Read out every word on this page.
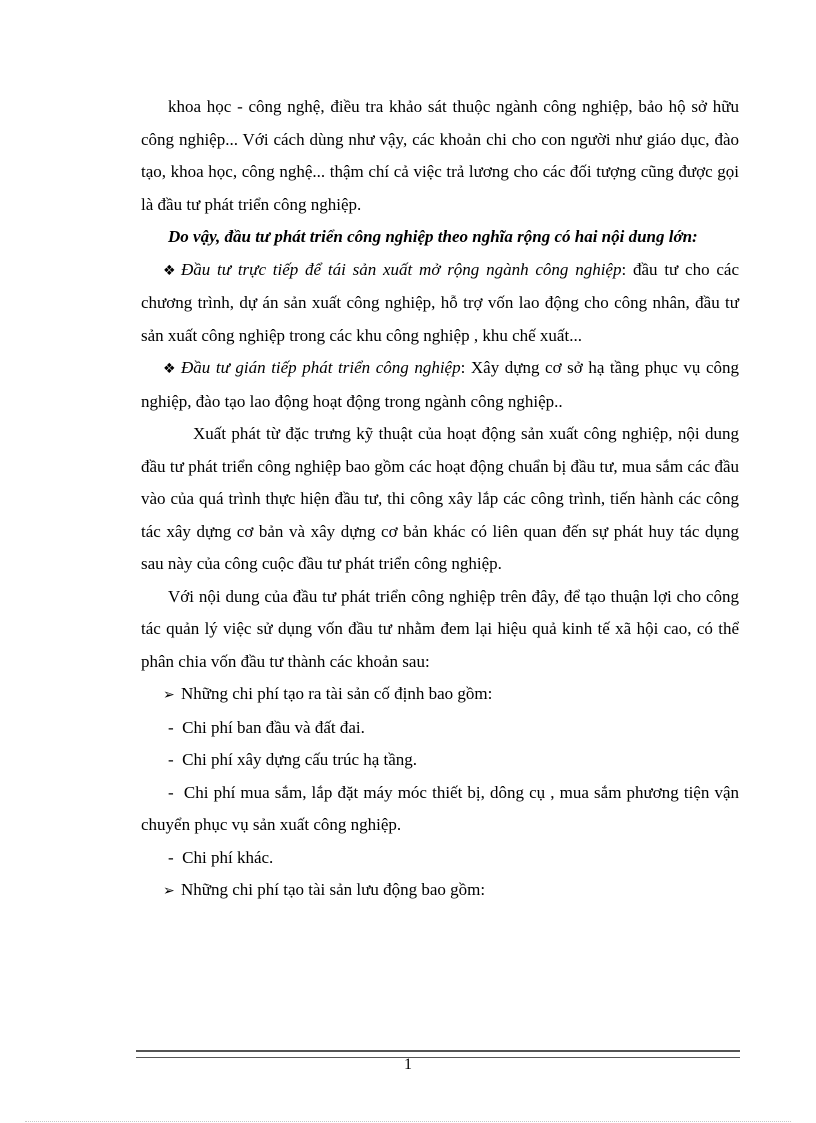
khoa học - công nghệ, điều tra khảo sát thuộc ngành công nghiệp, bảo hộ sở hữu công nghiệp... Với cách dùng như vậy, các khoản chi cho con người như giáo dục, đào tạo, khoa học, công nghệ... thậm chí cả việc trả lương cho các đối tượng cũng được gọi là đầu tư phát triển công nghiệp.

Do vậy, đầu tư phát triển công nghiệp theo nghĩa rộng có hai nội dung lớn:

❖ Đầu tư trực tiếp để tái sản xuất mở rộng ngành công nghiệp: đầu tư cho các chương trình, dự án sản xuất công nghiệp, hỗ trợ vốn lao động cho công nhân, đầu tư sản xuất công nghiệp trong các khu công nghiệp , khu chế xuất...

❖ Đầu tư gián tiếp phát triển công nghiệp: Xây dựng cơ sở hạ tầng phục vụ công nghiệp, đào tạo lao động hoạt động trong ngành công nghiệp..

Xuất phát từ đặc trưng kỹ thuật của hoạt động sản xuất công nghiệp, nội dung đầu tư phát triển công nghiệp bao gồm các hoạt động chuẩn bị đầu tư, mua sắm các đầu vào của quá trình thực hiện đầu tư, thi công xây lắp các công trình, tiến hành các công tác xây dựng cơ bản và xây dựng cơ bản khác có liên quan đến sự phát huy tác dụng sau này của công cuộc đầu tư phát triển công nghiệp.

Với nội dung của đầu tư phát triển công nghiệp trên đây, để tạo thuận lợi cho công tác quản lý việc sử dụng vốn đầu tư nhằm đem lại hiệu quả kinh tế xã hội cao, có thể phân chia vốn đầu tư thành các khoản sau:

➢ Những chi phí tạo ra tài sản cố định bao gồm:

- Chi phí ban đầu và đất đai.

- Chi phí xây dựng cấu trúc hạ tầng.

- Chi phí mua sắm, lắp đặt máy móc thiết bị, dông cụ , mua sắm phương tiện vận chuyển phục vụ sản xuất công nghiệp.

- Chi phí khác.

➢ Những chi phí tạo tài sản lưu động bao gồm:

1
